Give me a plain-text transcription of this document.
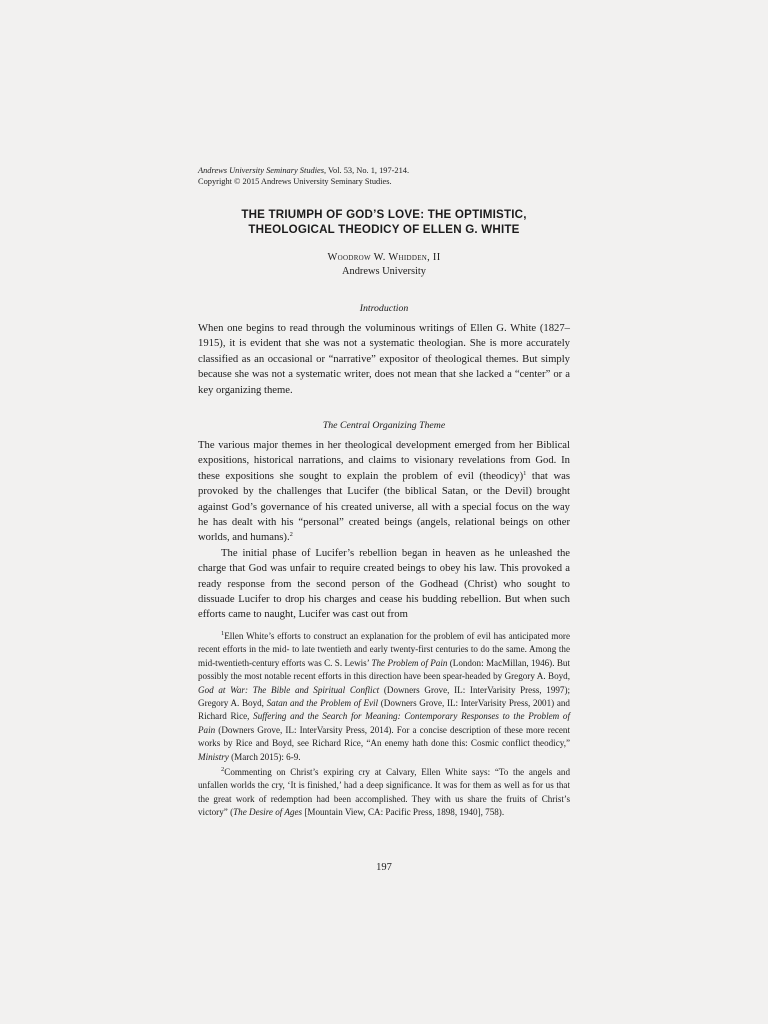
Andrews University Seminary Studies, Vol. 53, No. 1, 197-214.
Copyright © 2015 Andrews University Seminary Studies.
THE TRIUMPH OF GOD’S LOVE: THE OPTIMISTIC,
THEOLOGICAL THEODICY OF ELLEN G. WHITE
Woodrow W. Whidden, II
Andrews University
Introduction

When one begins to read through the voluminous writings of Ellen G. White (1827–1915), it is evident that she was not a systematic theologian. She is more accurately classified as an occasional or “narrative” expositor of theological themes. But simply because she was not a systematic writer, does not mean that she lacked a “center” or a key organizing theme.

The Central Organizing Theme

The various major themes in her theological development emerged from her Biblical expositions, historical narrations, and claims to visionary revelations from God. In these expositions she sought to explain the problem of evil (theodicy)$^1$ that was provoked by the challenges that Lucifer (the biblical Satan, or the Devil) brought against God’s governance of his created universe, all with a special focus on the way he has dealt with his “personal” created beings (angels, relational beings on other worlds, and humans).$^2$

The initial phase of Lucifer’s rebellion began in heaven as he unleashed the charge that God was unfair to require created beings to obey his law. This provoked a ready response from the second person of the Godhead (Christ) who sought to dissuade Lucifer to drop his charges and cease his budding rebellion. But when such efforts came to naught, Lucifer was cast out from

$^1$Ellen White’s efforts to construct an explanation for the problem of evil has anticipated more recent efforts in the mid- to late twentieth and early twenty-first centuries to do the same. Among the mid-twentieth-century efforts was C. S. Lewis’ The Problem of Pain (London: MacMillan, 1946). But possibly the most notable recent efforts in this direction have been spear-headed by Gregory A. Boyd, God at War: The Bible and Spiritual Conflict (Downers Grove, IL: InterVarisity Press, 1997); Gregory A. Boyd, Satan and the Problem of Evil (Downers Grove, IL: InterVarisity Press, 2001) and Richard Rice, Suffering and the Search for Meaning: Contemporary Responses to the Problem of Pain (Downers Grove, IL: InterVarsity Press, 2014). For a concise description of these more recent works by Rice and Boyd, see Richard Rice, “An enemy hath done this: Cosmic conflict theodicy,” Ministry (March 2015): 6-9.

$^2$Commenting on Christ’s expiring cry at Calvary, Ellen White says: “To the angels and unfallen worlds the cry, ‘It is finished,’ had a deep significance. It was for them as well as for us that the great work of redemption had been accomplished. They with us share the fruits of Christ’s victory” (The Desire of Ages [Mountain View, CA: Pacific Press, 1898, 1940], 758).

197
